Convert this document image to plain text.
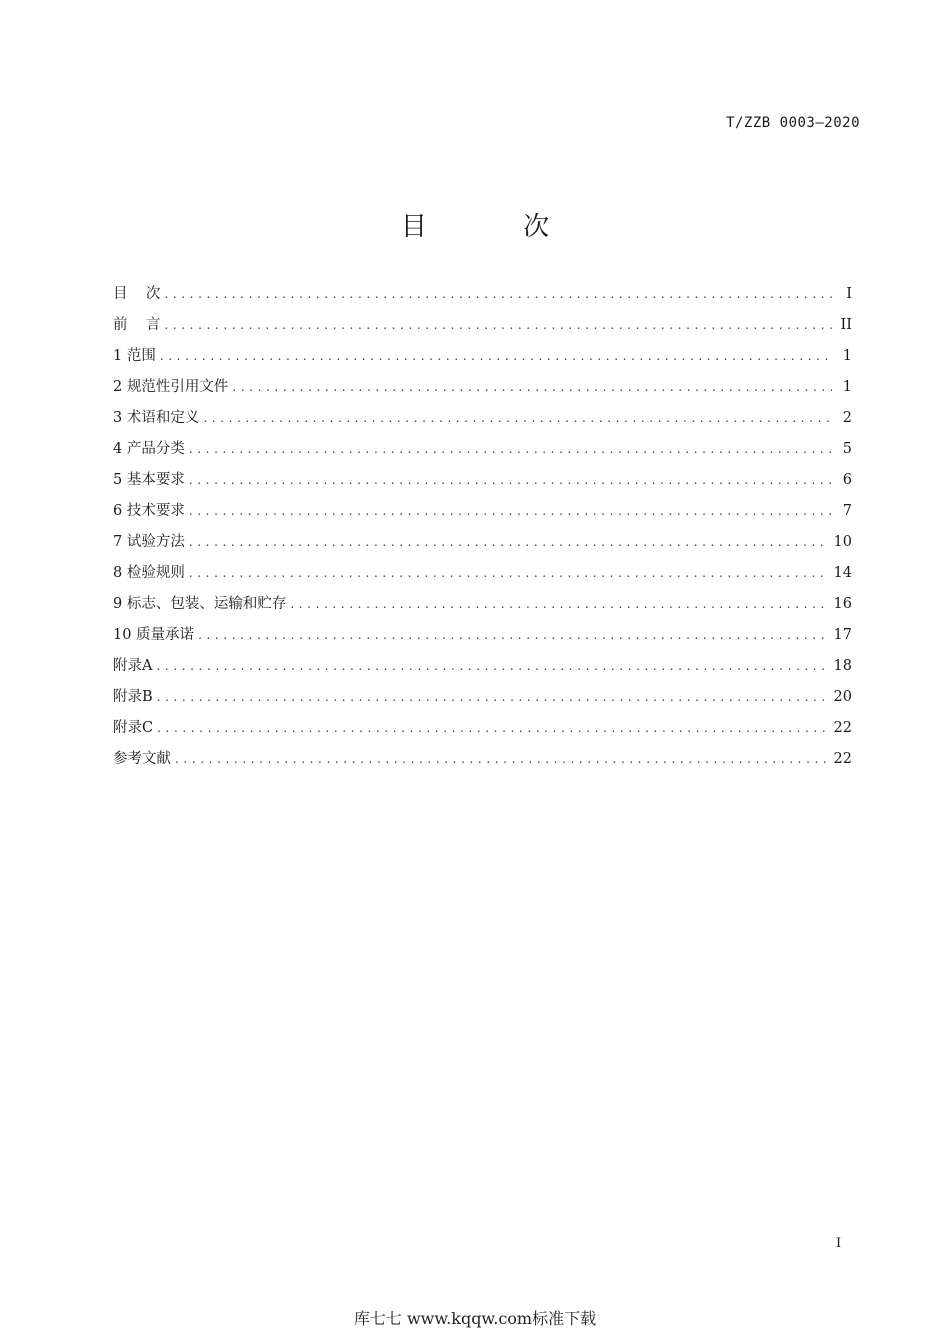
T/ZZB 0003—2020
目 次
目    次 .....	I
前    言 .....	II
1 范围 .....	1
2 规范性引用文件 .....	1
3 术语和定义 .....	2
4 产品分类 .....	5
5 基本要求 .....	6
6 技术要求 .....	7
7 试验方法 .....	10
8 检验规则 .....	14
9 标志、包装、运输和贮存 .....	16
10 质量承诺 .....	17
附录A .....	18
附录B .....	20
附录C .....	22
参考文献 .....	22
I
库七七 www.kqqw.com标准下载
